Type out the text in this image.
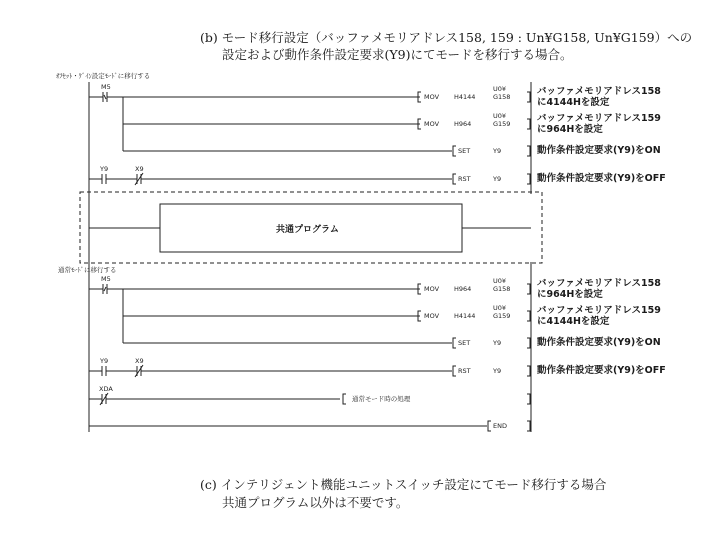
(b) モード移行設定（バッファメモリアドレス158, 159 : Un¥G158, Un¥G159）への
設定および動作条件設定要求(Y9)にてモードを移行する場合。
ｵﾌｾｯﾄ・ｹﾞｲﾝ設定ﾓｰﾄﾞに移行する
通常ﾓｰﾄﾞに移行する
M5
Y9	X9
MOV H4144
U0¥
G158
MOV H964
U0¥
G159
SET	Y9
RST	Y9
バッファメモリアドレス158
に4144Hを設定
バッファメモリアドレス159
に964Hを設定
動作条件設定要求(Y9)をON
動作条件設定要求(Y9)をOFF
共通プログラム
M5
Y9	X9
XDA
MOV H964
U0¥
G158
MOV H4144
U0¥
G159
SET	Y9
RST	Y9
通常モード時の処理
END
バッファメモリアドレス158
に964Hを設定
バッファメモリアドレス159
に4144Hを設定
動作条件設定要求(Y9)をON
動作条件設定要求(Y9)をOFF
(c) インテリジェント機能ユニットスイッチ設定にてモード移行する場合
共通プログラム以外は不要です。
